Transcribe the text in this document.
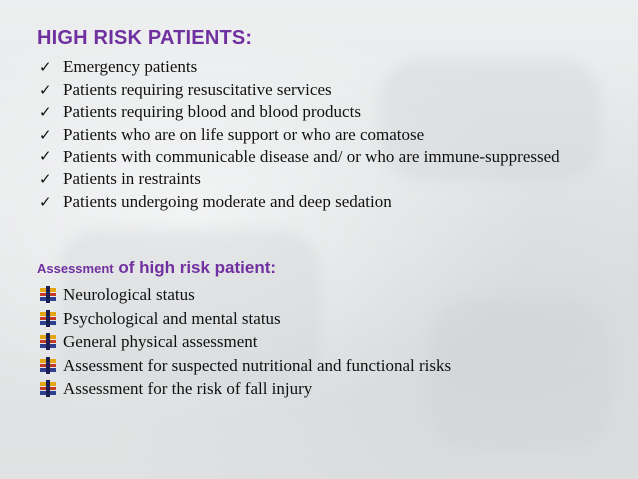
HIGH RISK PATIENTS:
✓ Emergency patients
✓ Patients requiring resuscitative services
✓ Patients requiring blood and blood products
✓ Patients who are on life support or who are comatose
✓ Patients with communicable disease and/ or who are immune-suppressed
✓ Patients in restraints
✓ Patients undergoing moderate and deep sedation
Assessment of high risk patient:
Neurological status
Psychological and mental status
General physical assessment
Assessment for suspected nutritional and functional risks
Assessment for the risk of fall injury
